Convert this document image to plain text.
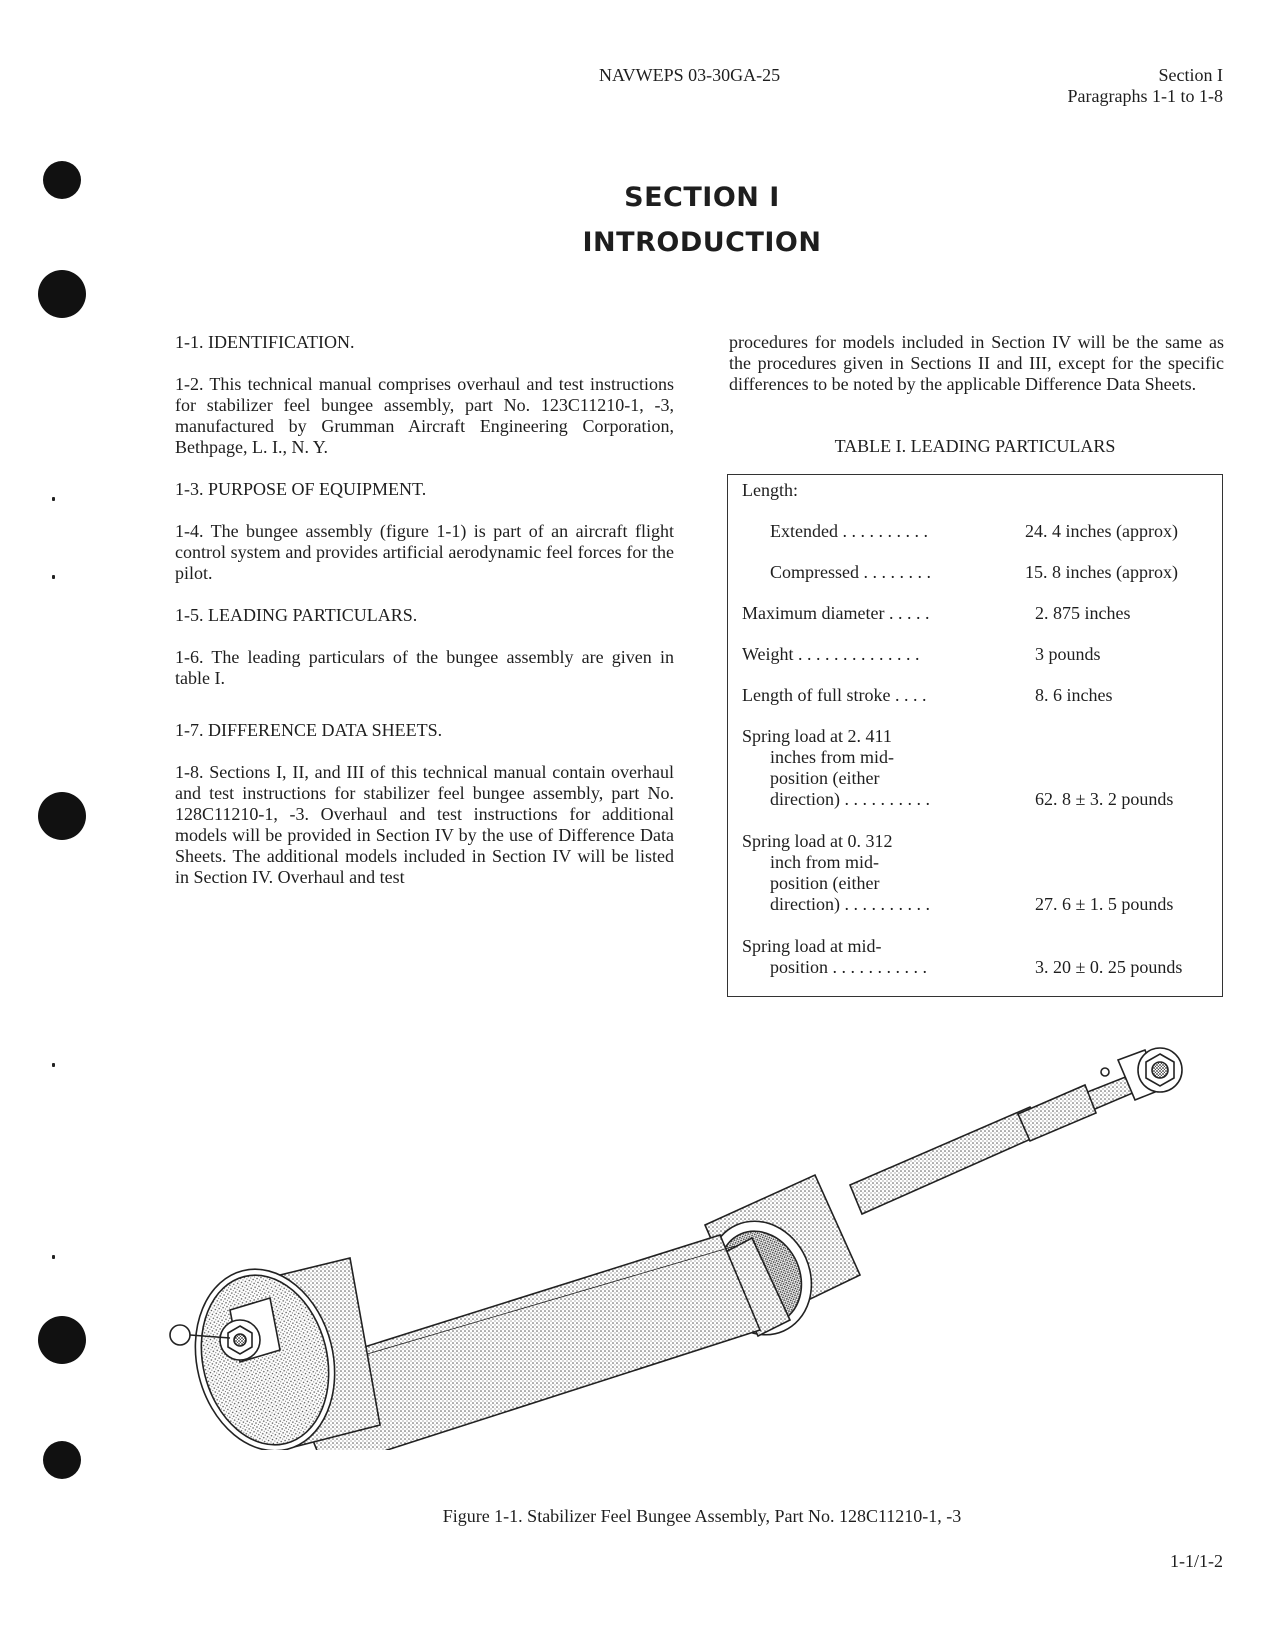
NAVWEPS 03-30GA-25	Section I
Paragraphs 1-1 to 1-8
SECTION I
INTRODUCTION

1-1. IDENTIFICATION.

1-2. This technical manual comprises overhaul and test instructions for stabilizer feel bungee assembly, part No. 123C11210-1, -3, manufactured by Grumman Aircraft Engineering Corporation, Bethpage, L. I., N. Y.

1-3. PURPOSE OF EQUIPMENT.

1-4. The bungee assembly (figure 1-1) is part of an aircraft flight control system and provides artificial aerodynamic feel forces for the pilot.

1-5. LEADING PARTICULARS.

1-6. The leading particulars of the bungee assembly are given in table I.

1-7. DIFFERENCE DATA SHEETS.

1-8. Sections I, II, and III of this technical manual contain overhaul and test instructions for stabilizer feel bungee assembly, part No. 128C11210-1, -3. Overhaul and test instructions for additional models will be provided in Section IV by the use of Difference Data Sheets. The additional models included in Section IV will be listed in Section IV. Overhaul and test

procedures for models included in Section IV will be the same as the procedures given in Sections II and III, except for the specific differences to be noted by the applicable Difference Data Sheets.

TABLE I. LEADING PARTICULARS
Length:
Extended . . . . . . . . . .	24. 4 inches (approx)
Compressed . . . . . . . .	15. 8 inches (approx)
Maximum diameter . . . . .	2. 875 inches
Weight . . . . . . . . . . . . . .	3 pounds
Length of full stroke . . . .	8. 6 inches
Spring load at 2. 411
inches from mid-
position (either
direction) . . . . . . . . . .	62. 8 ± 3. 2 pounds
Spring load at 0. 312
inch from mid-
position (either
direction) . . . . . . . . . .	27. 6 ± 1. 5 pounds
Spring load at mid-
position . . . . . . . . . . .	3. 20 ± 0. 25 pounds
Figure 1-1. Stabilizer Feel Bungee Assembly, Part No. 128C11210-1, -3
1-1/1-2
